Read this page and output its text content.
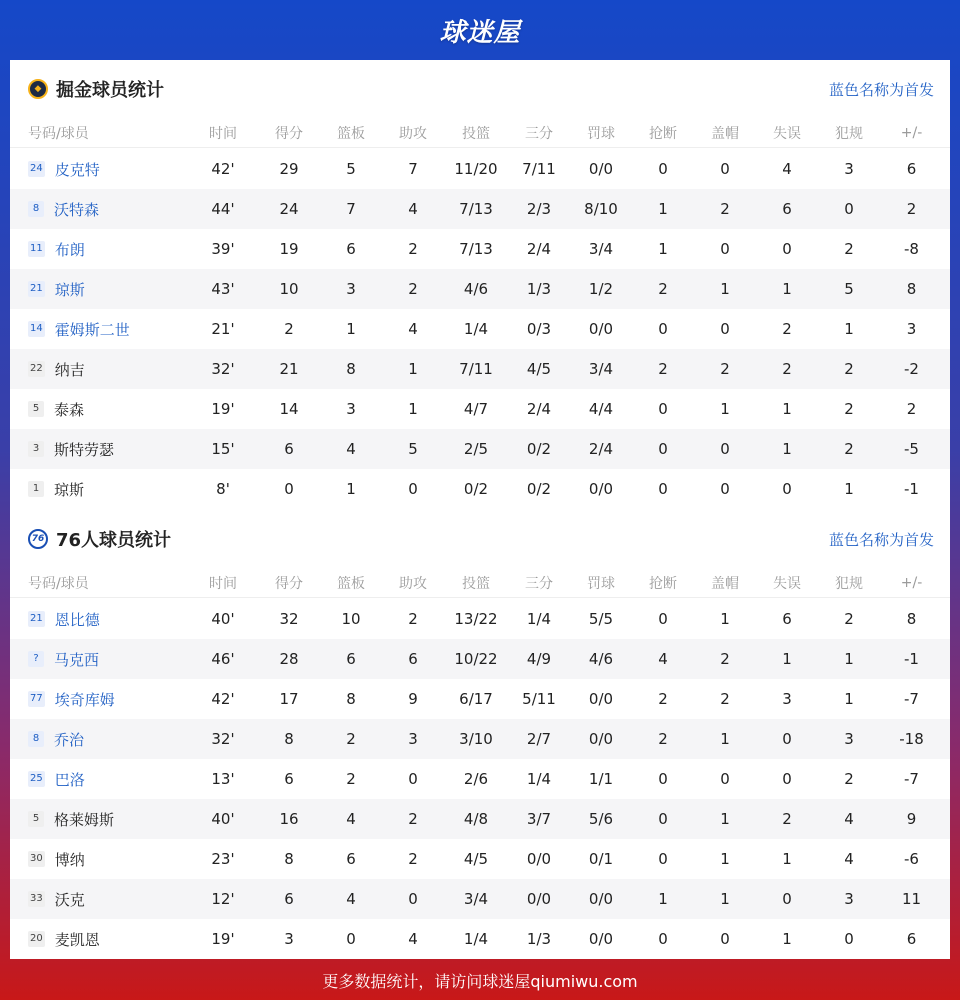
球迷屋
◆ 掘金球员统计	蓝色名称为首发
号码/球员	时间	得分	篮板	助攻	投篮	三分	罚球	抢断	盖帽	失误	犯规	+/-
24 皮克特	42'	29	5	7	11/20	7/11	0/0	0	0	4	3	6
8 沃特森	44'	24	7	4	7/13	2/3	8/10	1	2	6	0	2
11 布朗	39'	19	6	2	7/13	2/4	3/4	1	0	0	2	-8
21 琼斯	43'	10	3	2	4/6	1/3	1/2	2	1	1	5	8
14 霍姆斯二世	21'	2	1	4	1/4	0/3	0/0	0	0	2	1	3
22 纳吉	32'	21	8	1	7/11	4/5	3/4	2	2	2	2	-2
5 泰森	19'	14	3	1	4/7	2/4	4/4	0	1	1	2	2
3 斯特劳瑟	15'	6	4	5	2/5	0/2	2/4	0	0	1	2	-5
1 琼斯	8'	0	1	0	0/2	0/2	0/0	0	0	0	1	-1
76 76人球员统计	蓝色名称为首发
号码/球员	时间	得分	篮板	助攻	投篮	三分	罚球	抢断	盖帽	失误	犯规	+/-
21 恩比德	40'	32	10	2	13/22	1/4	5/5	0	1	6	2	8
?	马克西	46'	28	6	6	10/22	4/9	4/6	4	2	1	1	-1
77 埃奇库姆	42'	17	8	9	6/17	5/11	0/0	2	2	3	1	-7
8 乔治	32'	8	2	3	3/10	2/7	0/0	2	1	0	3	-18
25 巴洛	13'	6	2	0	2/6	1/4	1/1	0	0	0	2	-7
5 格莱姆斯	40'	16	4	2	4/8	3/7	5/6	0	1	2	4	9
30 博纳	23'	8	6	2	4/5	0/0	0/1	0	1	1	4	-6
33 沃克	12'	6	4	0	3/4	0/0	0/0	1	1	0	3	11
20 麦凯恩	19'	3	0	4	1/4	1/3	0/0	0	0	1	0	6
更多数据统计，请访问球迷屋qiumiwu.com
